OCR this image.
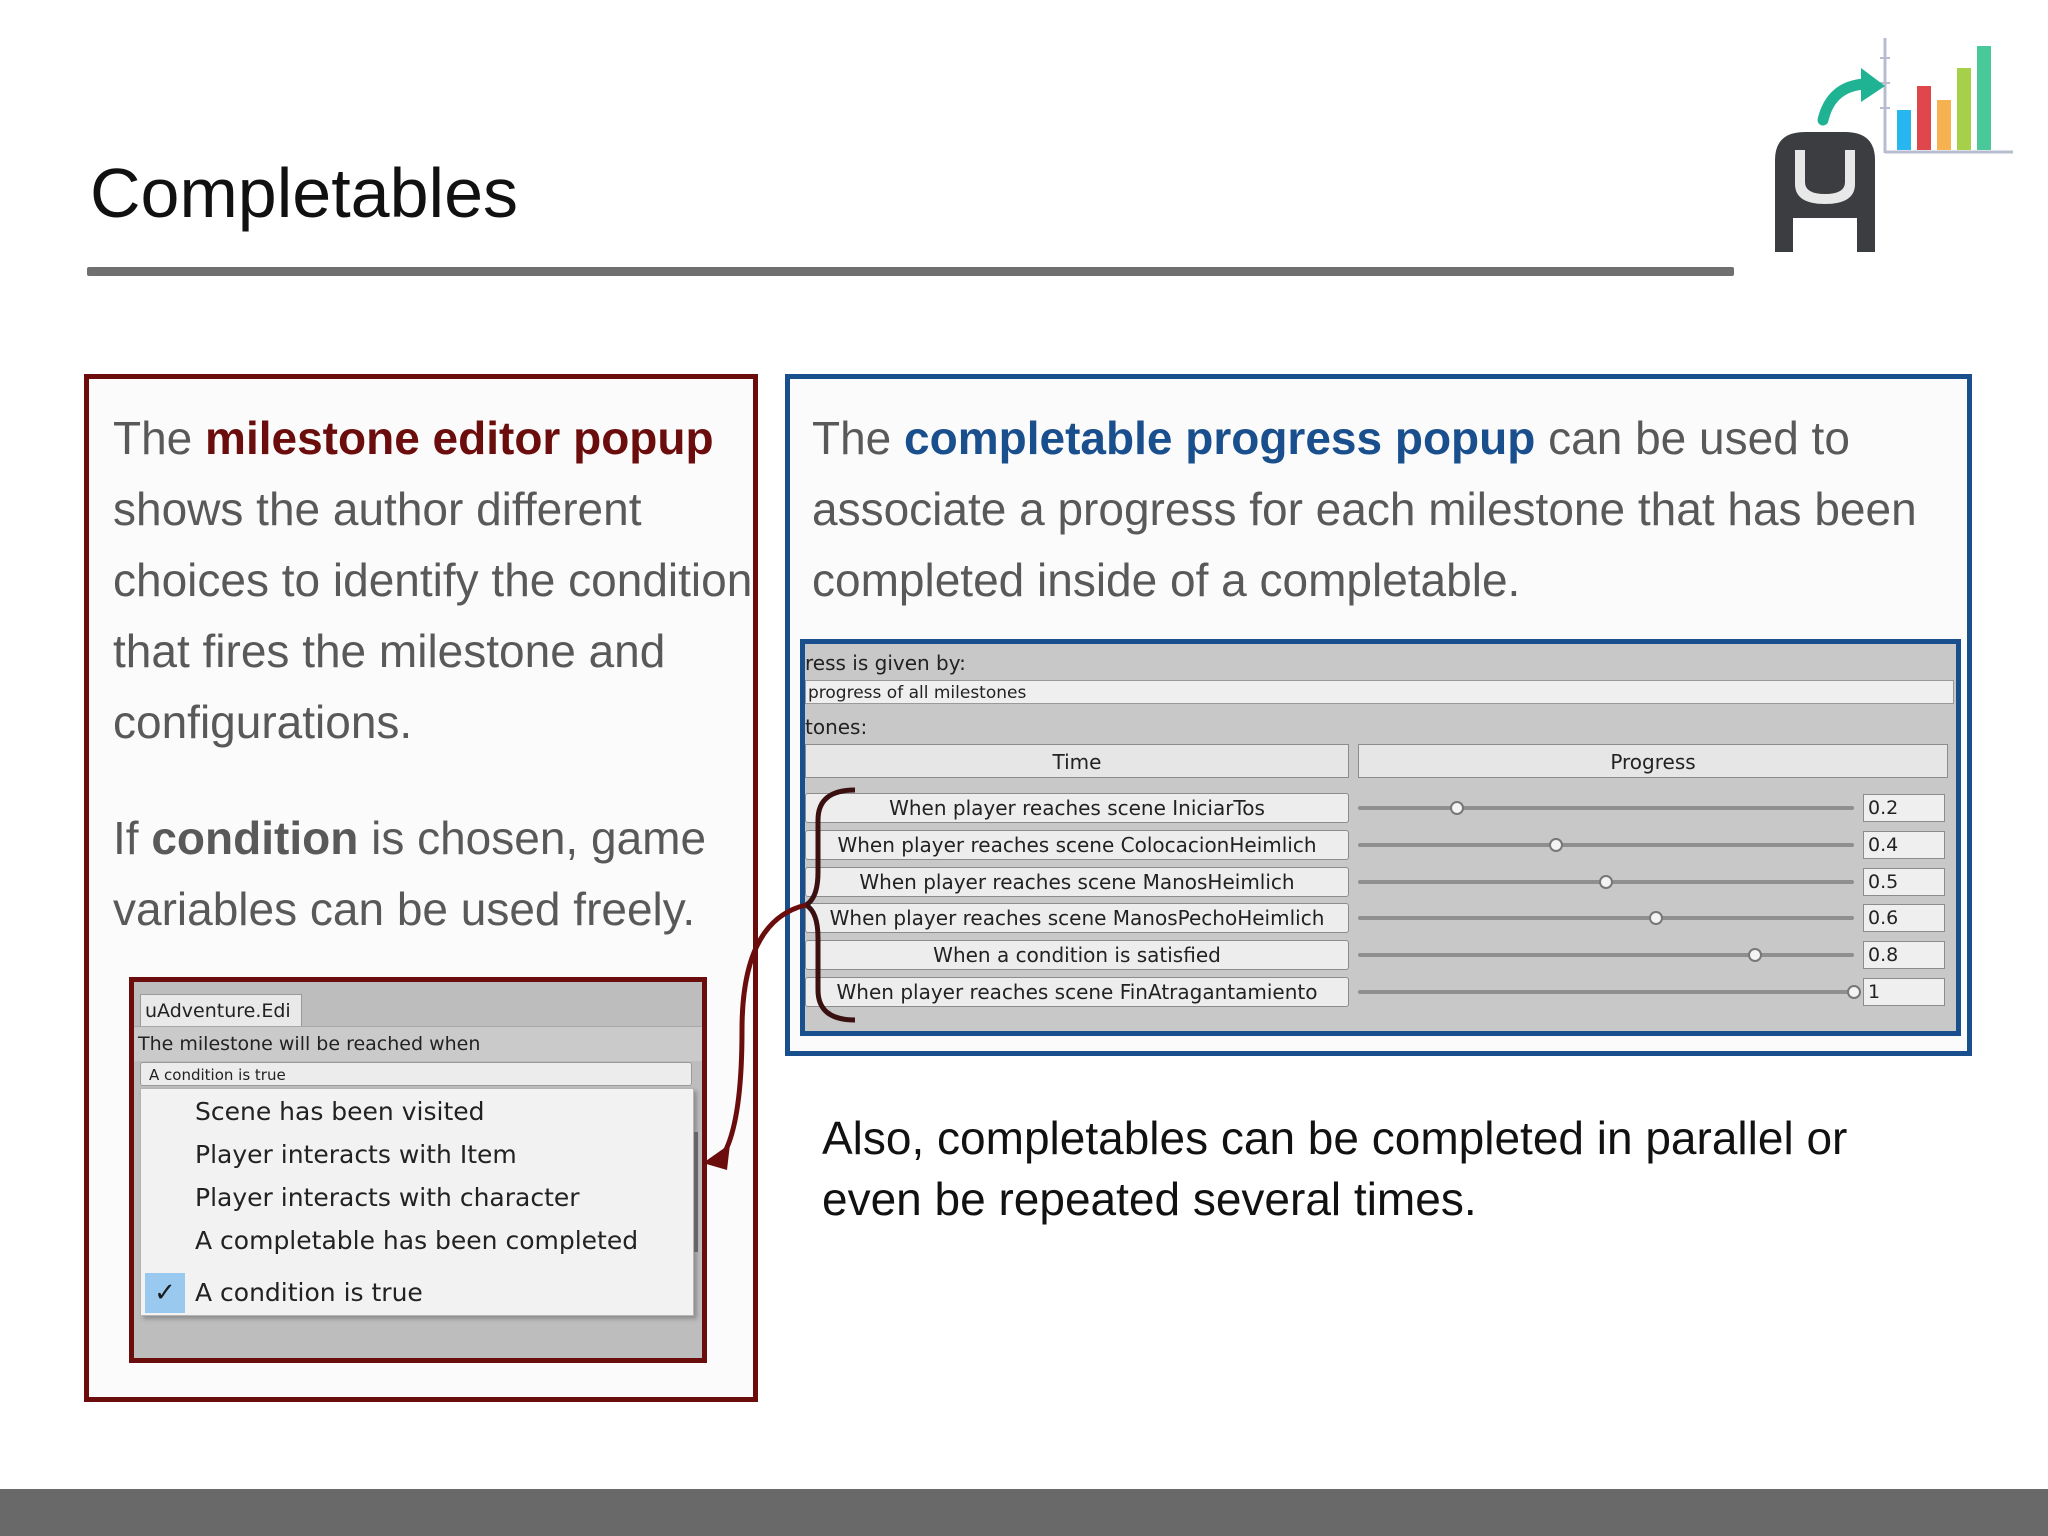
Completables

The milestone editor popup shows the author different choices to identify the condition that fires the milestone and configurations.

If condition is chosen, game variables can be used freely.

uAdventure.Edi
The milestone will be reached when
A condition is true
Scene has been visited
Player interacts with Item
Player interacts with character
A completable has been completed
✓ A condition is true
The completable progress popup can be used to associate a progress for each milestone that has been completed inside of a completable.
ress is given by:
progress of all milestones
tones:
Time	Progress
When player reaches scene IniciarTos	0.2
When player reaches scene ColocacionHeimlich	0.4
When player reaches scene ManosHeimlich	0.5
When player reaches scene ManosPechoHeimlich	0.6
When a condition is satisfied	0.8
When player reaches scene FinAtragantamiento	1
Also, completables can be completed in parallel or even be repeated several times.
